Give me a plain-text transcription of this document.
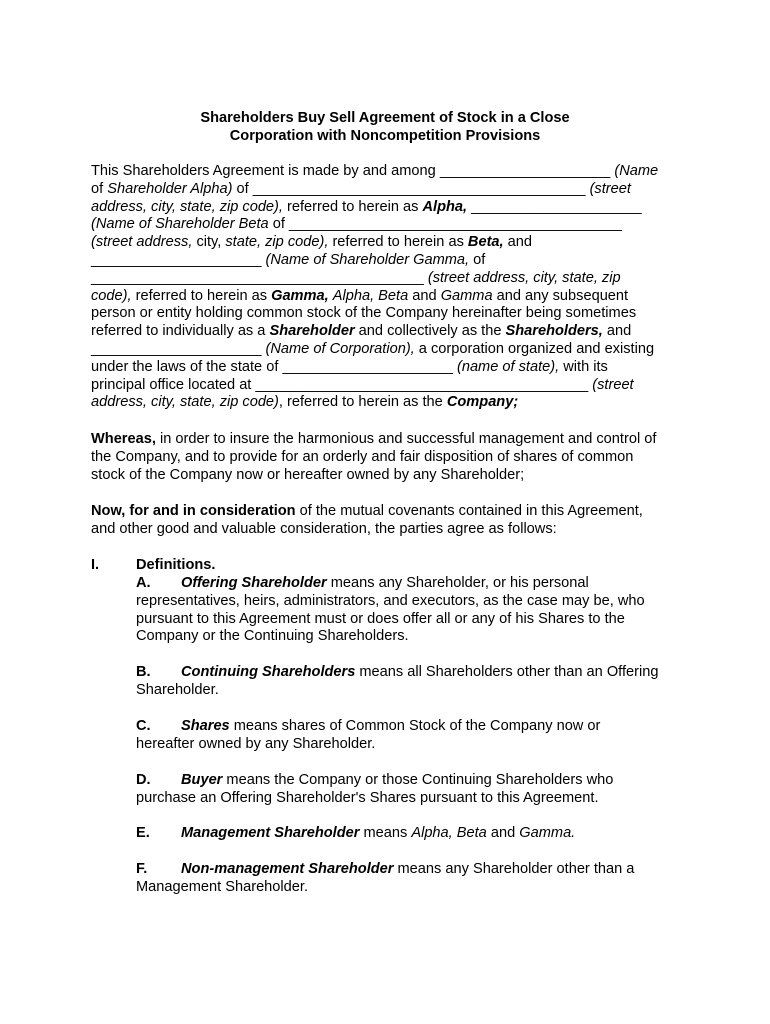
Shareholders Buy Sell Agreement of Stock in a Close
Corporation with Noncompetition Provisions
This Shareholders Agreement is made by and among _____________________ (Name
of Shareholder Alpha) of _________________________________________ (street
address, city, state, zip code), referred to herein as Alpha, _____________________
(Name of Shareholder Beta of _________________________________________
(street address, city, state, zip code), referred to herein as Beta, and
_____________________ (Name of Shareholder Gamma, of
_________________________________________ (street address, city, state, zip
code), referred to herein as Gamma, Alpha, Beta and Gamma and any subsequent
person or entity holding common stock of the Company hereinafter being sometimes
referred to individually as a Shareholder and collectively as the Shareholders, and
_____________________ (Name of Corporation), a corporation organized and existing
under the laws of the state of _____________________ (name of state), with its
principal office located at _________________________________________ (street
address, city, state, zip code), referred to herein as the Company;
Whereas, in order to insure the harmonious and successful management and control of
the Company, and to provide for an orderly and fair disposition of shares of common
stock of the Company now or hereafter owned by any Shareholder;
Now, for and in consideration of the mutual covenants contained in this Agreement,
and other good and valuable consideration, the parties agree as follows:
I.	Definitions.
A.	Offering Shareholder means any Shareholder, or his personal
representatives, heirs, administrators, and executors, as the case may be, who
pursuant to this Agreement must or does offer all or any of his Shares to the
Company or the Continuing Shareholders.
B.	Continuing Shareholders means all Shareholders other than an Offering
Shareholder.
C.	Shares means shares of Common Stock of the Company now or
hereafter owned by any Shareholder.
D.	Buyer means the Company or those Continuing Shareholders who
purchase an Offering Shareholder's Shares pursuant to this Agreement.
E.	Management Shareholder means Alpha, Beta and Gamma.
F.	Non-management Shareholder means any Shareholder other than a
Management Shareholder.
